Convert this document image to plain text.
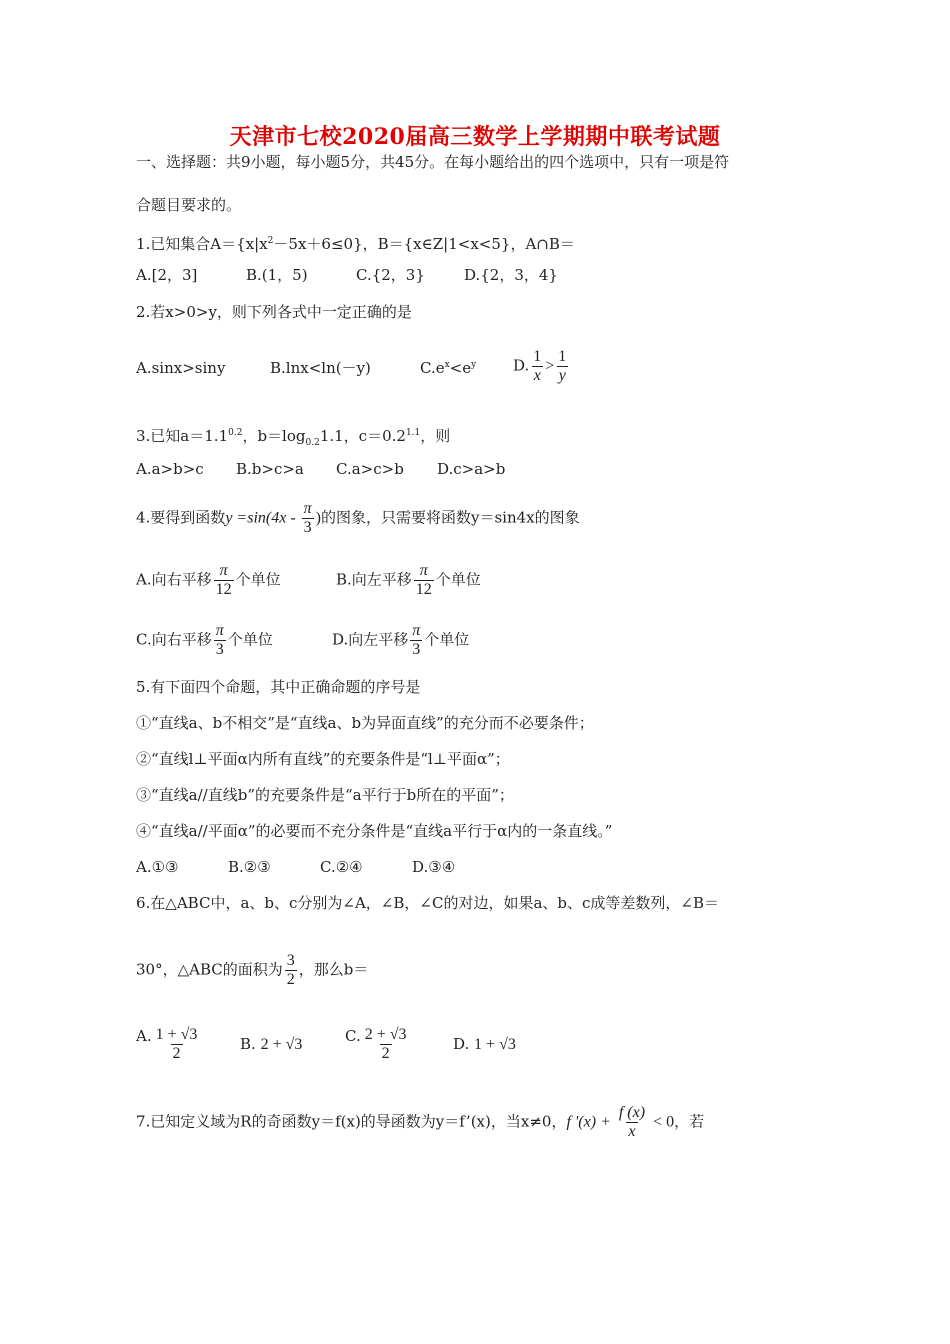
天津市七校2020届高三数学上学期期中联考试题
一、选择题：共9小题，每小题5分，共45分。在每小题给出的四个选项中，只有一项是符
合题目要求的。
1.已知集合$A=\{x|x^2-5x+6\le 0\}$，B＝{x∈Z|1<x<5}，A∩B＝
A.[2，3]	B.(1，5)	C.{2，3}	D.{2，3，4}
2.若x>0>y，则下列各式中一定正确的是
A.sinx>siny	B.lnx<ln(－y)	$C.e^x<e^y$ D. $\frac{1}{x} > \frac{1}{y}$
3.已知$a=1.1^{0.2}$，$b=\log_{0.2}1.1$，$c=0.2^{1.1}$，则
A.a>b>c B.b>c>a C.a>c>b D.c>a>b
4.要得到函数$y =\sin(4x - \frac{\pi}{3}$ )的图象，只需要将函数y＝sin4x的图象
A.向右平移 $\frac{\pi}{12}$ 个单位	B.向左平移 $\frac{\pi}{12}$ 个单位
C.向右平移 $\frac{\pi}{3}$ 个单位	D.向左平移 $\frac{\pi}{3}$ 个单位
5.有下面四个命题，其中正确命题的序号是
①“直线a、b不相交”是“直线a、b为异面直线”的充分而不必要条件；
②“直线l⊥平面α内所有直线”的充要条件是“l⊥平面α”；
③“直线a//直线b”的充要条件是“a平行于b所在的平面”；
④“直线a//平面α”的必要而不充分条件是“直线a平行于α内的一条直线。”
A.①③	B.②③	C.②④	D.③④
6.在△ABC中，a、b、c分别为∠A，∠B，∠C的对边，如果a、b、c成等差数列，∠B＝
30°，△ABC的面积为 $\frac{3}{2}$ ，那么b＝
A. $\frac{1 + √3}{2}$	B. 2 + √3	C. $\frac{2 + √3}{2}$	D. 1 + √3
7.已知定义域为R的奇函数y＝f(x)的导函数为y＝f’(x)，当x≠0，f '$(x) + \frac{f (x)}{x} < 0$，若
